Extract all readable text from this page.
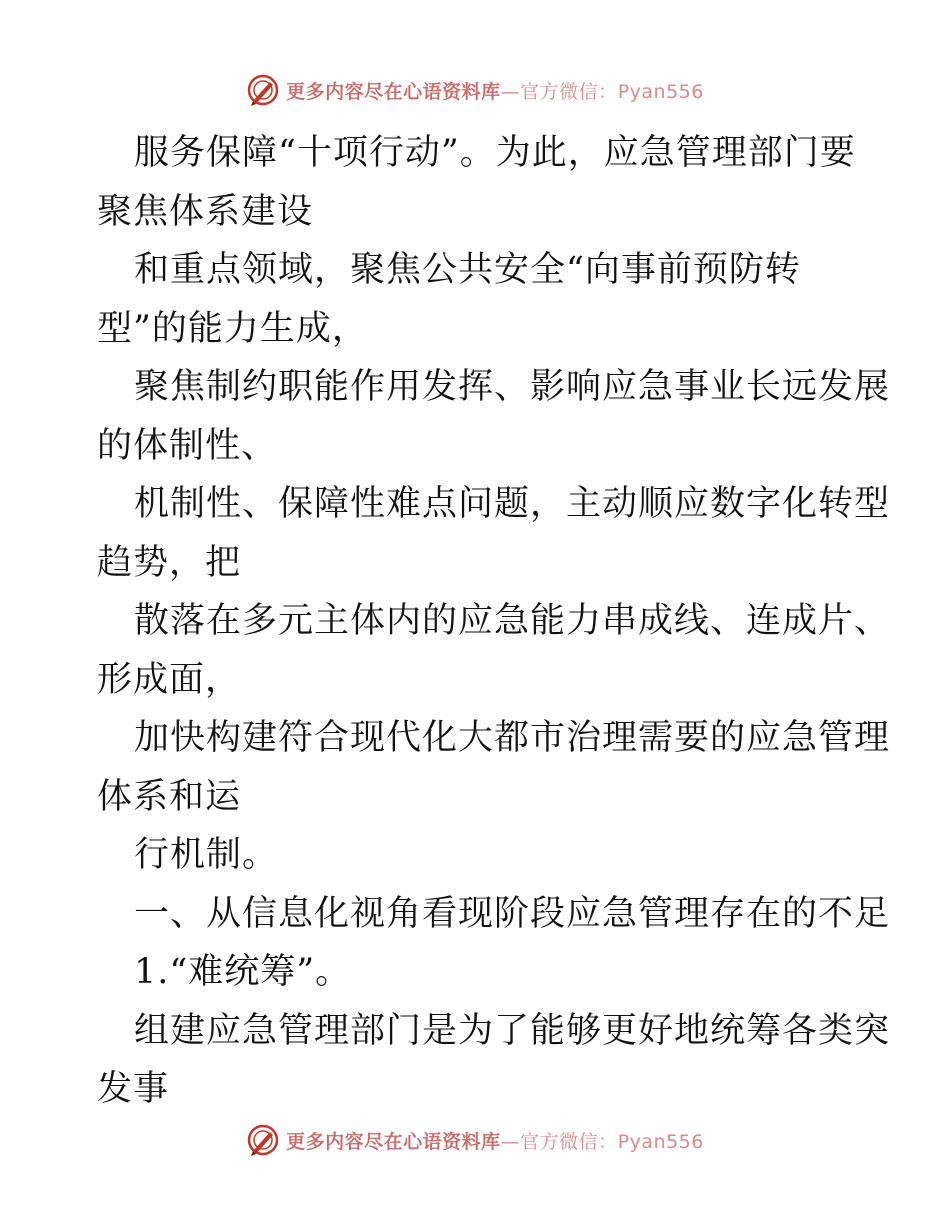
更多内容尽在心语资料库—官方微信：Pyan556
服务保障“十项行动”。为此，应急管理部门要
聚焦体系建设
和重点领域，聚焦公共安全“向事前预防转
型”的能力生成，
聚焦制约职能作用发挥、影响应急事业长远发展
的体制性、
机制性、保障性难点问题，主动顺应数字化转型
趋势，把
散落在多元主体内的应急能力串成线、连成片、
形成面，
加快构建符合现代化大都市治理需要的应急管理
体系和运
行机制。
一、从信息化视角看现阶段应急管理存在的不足
1.“难统筹”。
组建应急管理部门是为了能够更好地统筹各类突
发事
更多内容尽在心语资料库—官方微信：Pyan556
